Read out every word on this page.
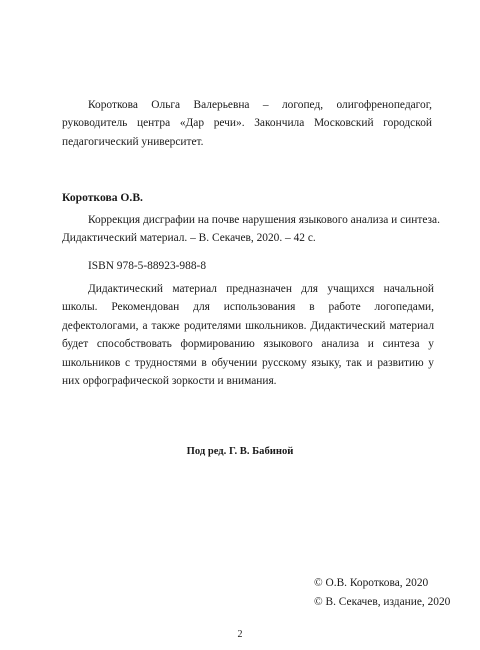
Короткова Ольга Валерьевна – логопед, олигофренопедагог, руководитель центра «Дар речи». Закончила Московский городской педагогический университет.

Короткова О.В.

Коррекция дисграфии на почве нарушения языкового анализа и синтеза. Дидактический материал. – В. Секачев, 2020. – 42 с.

ISBN 978-5-88923-988-8

Дидактический материал предназначен для учащихся начальной школы. Рекомендован для использования в работе логопедами, дефектологами, а также родителями школьников. Дидактический материал будет способствовать формированию языкового анализа и синтеза у школьников с трудностями в обучении русскому языку, так и развитию у них орфографической зоркости и внимания.

Под ред. Г. В. Бабиной

© О.В. Короткова, 2020

© В. Секачев, издание, 2020

2
